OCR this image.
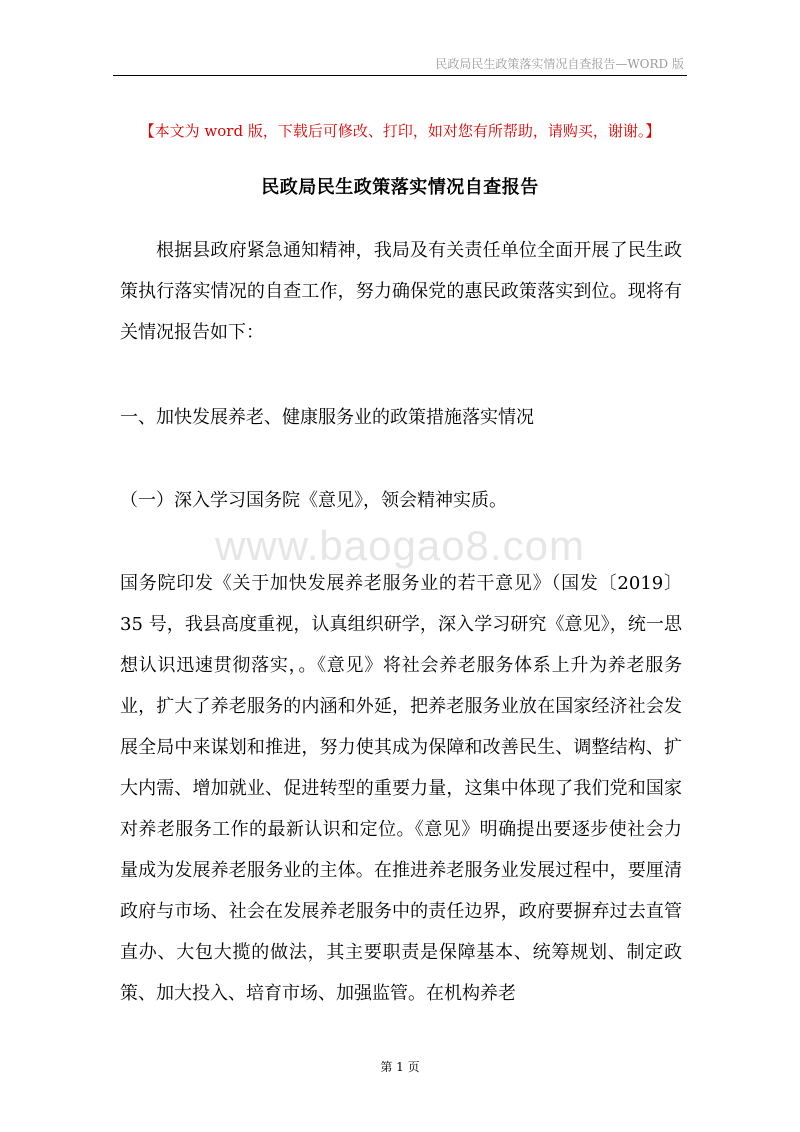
民政局民生政策落实情况自查报告—WORD 版
【本文为 word 版，下载后可修改、打印，如对您有所帮助，请购买，谢谢。】
民政局民生政策落实情况自查报告
根据县政府紧急通知精神，我局及有关责任单位全面开展了民生政策执行落实情况的自查工作，努力确保党的惠民政策落实到位。现将有关情况报告如下：
一、加快发展养老、健康服务业的政策措施落实情况
（一）深入学习国务院《意见》，领会精神实质。
www.baogao8.com
国务院印发《关于加快发展养老服务业的若干意见》（国发〔2019〕35 号，我县高度重视，认真组织研学，深入学习研究《意见》，统一思想认识迅速贯彻落实，。《意见》将社会养老服务体系上升为养老服务业，扩大了养老服务的内涵和外延，把养老服务业放在国家经济社会发展全局中来谋划和推进，努力使其成为保障和改善民生、调整结构、扩大内需、增加就业、促进转型的重要力量，这集中体现了我们党和国家对养老服务工作的最新认识和定位。《意见》明确提出要逐步使社会力量成为发展养老服务业的主体。在推进养老服务业发展过程中，要厘清政府与市场、社会在发展养老服务中的责任边界，政府要摒弃过去直管直办、大包大揽的做法，其主要职责是保障基本、统筹规划、制定政策、加大投入、培育市场、加强监管。在机构养老
第 1 页
